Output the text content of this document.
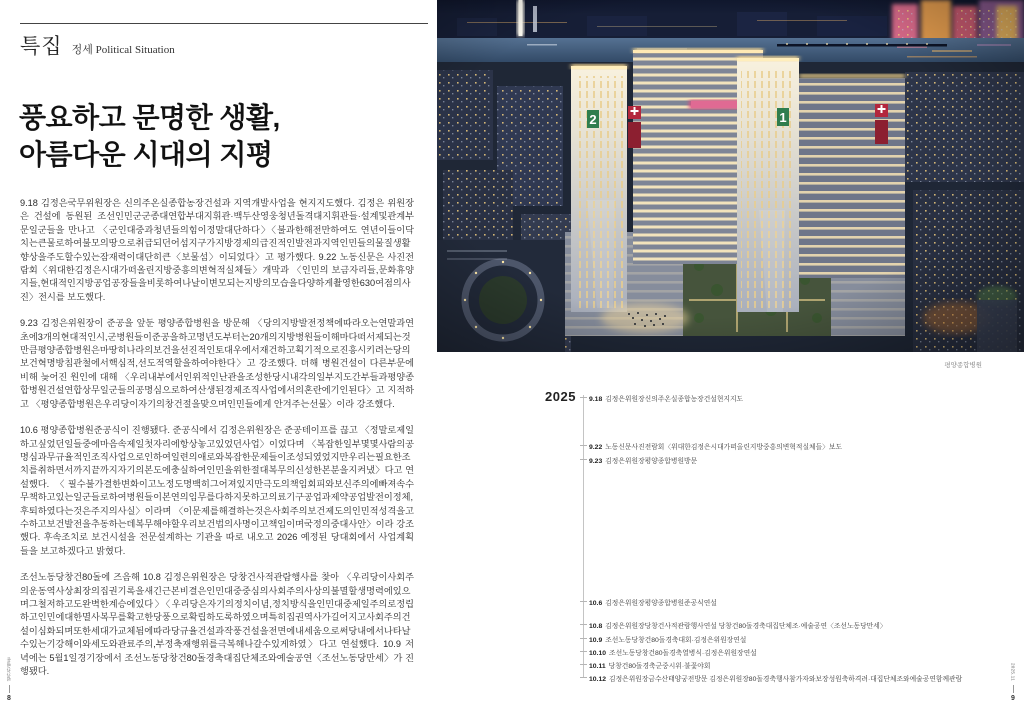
특집 정세 Political Situation
풍요하고 문명한 생활,
아름다운 시대의 지평

9.18 김정은국무위원장은 신의주온실종합농장건설과 지역개발사업을 현지지도했다. 김정은 위원장은 건설에 동원된 조선인민군군종대연합부대지휘관·백두산영웅청년돌격대지휘관들·설계및관계부문일군들을 만나고 〈군인대중과청년들의힘이정말대단하다〉〈불과한해전만하여도 연년이들이닥치는큰물로하여불모의땅으로취급되던어섬지구가지방경제의급진적인발전과지역인민들의물질생활향상을주도할수있는잠재력이대단히큰〈보물섬〉이되었다〉고 평가했다. 9.22 노동신문은 사진전람회〈위대한김정은시대가떠올린지방중흥의변혁적실체들〉개막과 〈인민의 보금자리들,문화휴양지들,현대적인지방공업공장들을비롯하여나날이변모되는지방의모습을다양하게촬영한630여점의사진〉전시를 보도했다.

9.23 김정은위원장이 준공을 앞둔 평양종합병원을 방문해 〈당의지방발전정책에따라오는연말과연초에3개의현대적인시,군병원들이준공을하고명년도부터는20개의지방병원들이해마다떠서제되는것만큼평양종합병원은마땅히나라의보건을선진적인토대우에서재건하고획기적으로진흥시키려는당의보건혁명방침관철에서핵심적,선도적역할을하여야한다〉고 강조했다. 더해 병원건설이 다른부문에 비해 늦어진 원인에 대해 〈우리내부에서인위적인난관을조성한당시내각의일부지도간부들과평양종합병원건설연합상무일군들의공명심으로하여산생된경제조직사업에서의혼란에기인된다〉고 지적하고 〈평양종합병원은우리당이자기의창건절을맞으며인민들에게 안겨주는선물〉이라 강조했다.

10.6 평양종합병원준공식이 진행됐다. 준공식에서 김정은위원장은 준공테이프를 끊고 〈정말로제일하고싶었던일들중에마음속제일첫자리에항상놓고있었던사업〉이었다며 〈복잡한일부몇몇사람의공명심과무규율적인조직사업으로인하여일련의애로와복잡한문제들이조성되였었지만우리는필요한조치를취하면서까지끝까지자기의본도에충실하여인민을위한절대복무의신성한본분을지켜냈〉다고 연설했다. 〈필수불가결한변화이고노정도명백히그어져있지만극도의책임회피와보신주의에빠져속수무책하고있는일군들로하여병원들이본연의임무를다하지못하고의료기구공업과제약공업발전이정체,후퇴하였다는것은주지의사실〉이라며 〈이문제를해결하는것은사회주의보건제도의인민적성격을고수하고보건발전을추동하는데복무해야할우리보건법의사명이고책임이며국정의중대사안〉이라 강조했다. 후속조치로 보건시설을 전문설계하는 기관을 따로 내오고 2026 예정된 당대회에서 사업계획들을 보고하겠다고 밝혔다.

조선노동당창건80돌에 즈음해 10.8 김정은위원장은 당창건사적관람행사를 찾아 〈우리당이사회주의운동역사상최장의집권기록을새긴근본비결은인민대중중심의사회주의사상의불멸할생명력에있으며그철저하고도완벽한계승에있다〉〈우리당은자기의정치이념,정치방식을인민대중제일주의로정립하고인민에대한멸사복무를확고한당풍으로확립하도록하였으며특히집권역사가길어지고사회주의건설이심화되며또한세대가교체됨에따라당규율건설과작풍건설을전면에내세움으로써당내에서나타날수있는기강해이와세도와관료주의,부정축재행위를극복해나갈수있게하였〉다고 연설했다. 10.9 저녁에는 5월1일경기장에서 조선노동당창건80돌경축대집단체조와예술공연〈조선노동당만세〉가 진행됐다.

월간간행물
8
평양종합병원
2025 9.18 김정은위원장신의주온실종합농장건설현지지도
9.22 노동신문사진전람회〈위대한김정은시대가떠올린지방중흥의변혁적실체들〉보도
9.23 김정은위원장평양종합병원방문
10.6 김정은위원장평양종합병원준공식연설
10.8 김정은위원장당창건사적관람행사연설 당창건80돌경축대집단체조·예술공연〈조선노동당만세〉
10.9 조선노동당창건80돌경축대회·김정은위원장연설
10.10 조선노동당창건80돌경축열병식·김정은위원장연설
10.11 당창건80돌경축군중시위·불꽃야회
10.12 김정은위원장금수산태양궁전방문 김정은위원장80돌경축행사참가자와보장성원축하격려·대집단체조와예술공연함께관람	2025.11
9
